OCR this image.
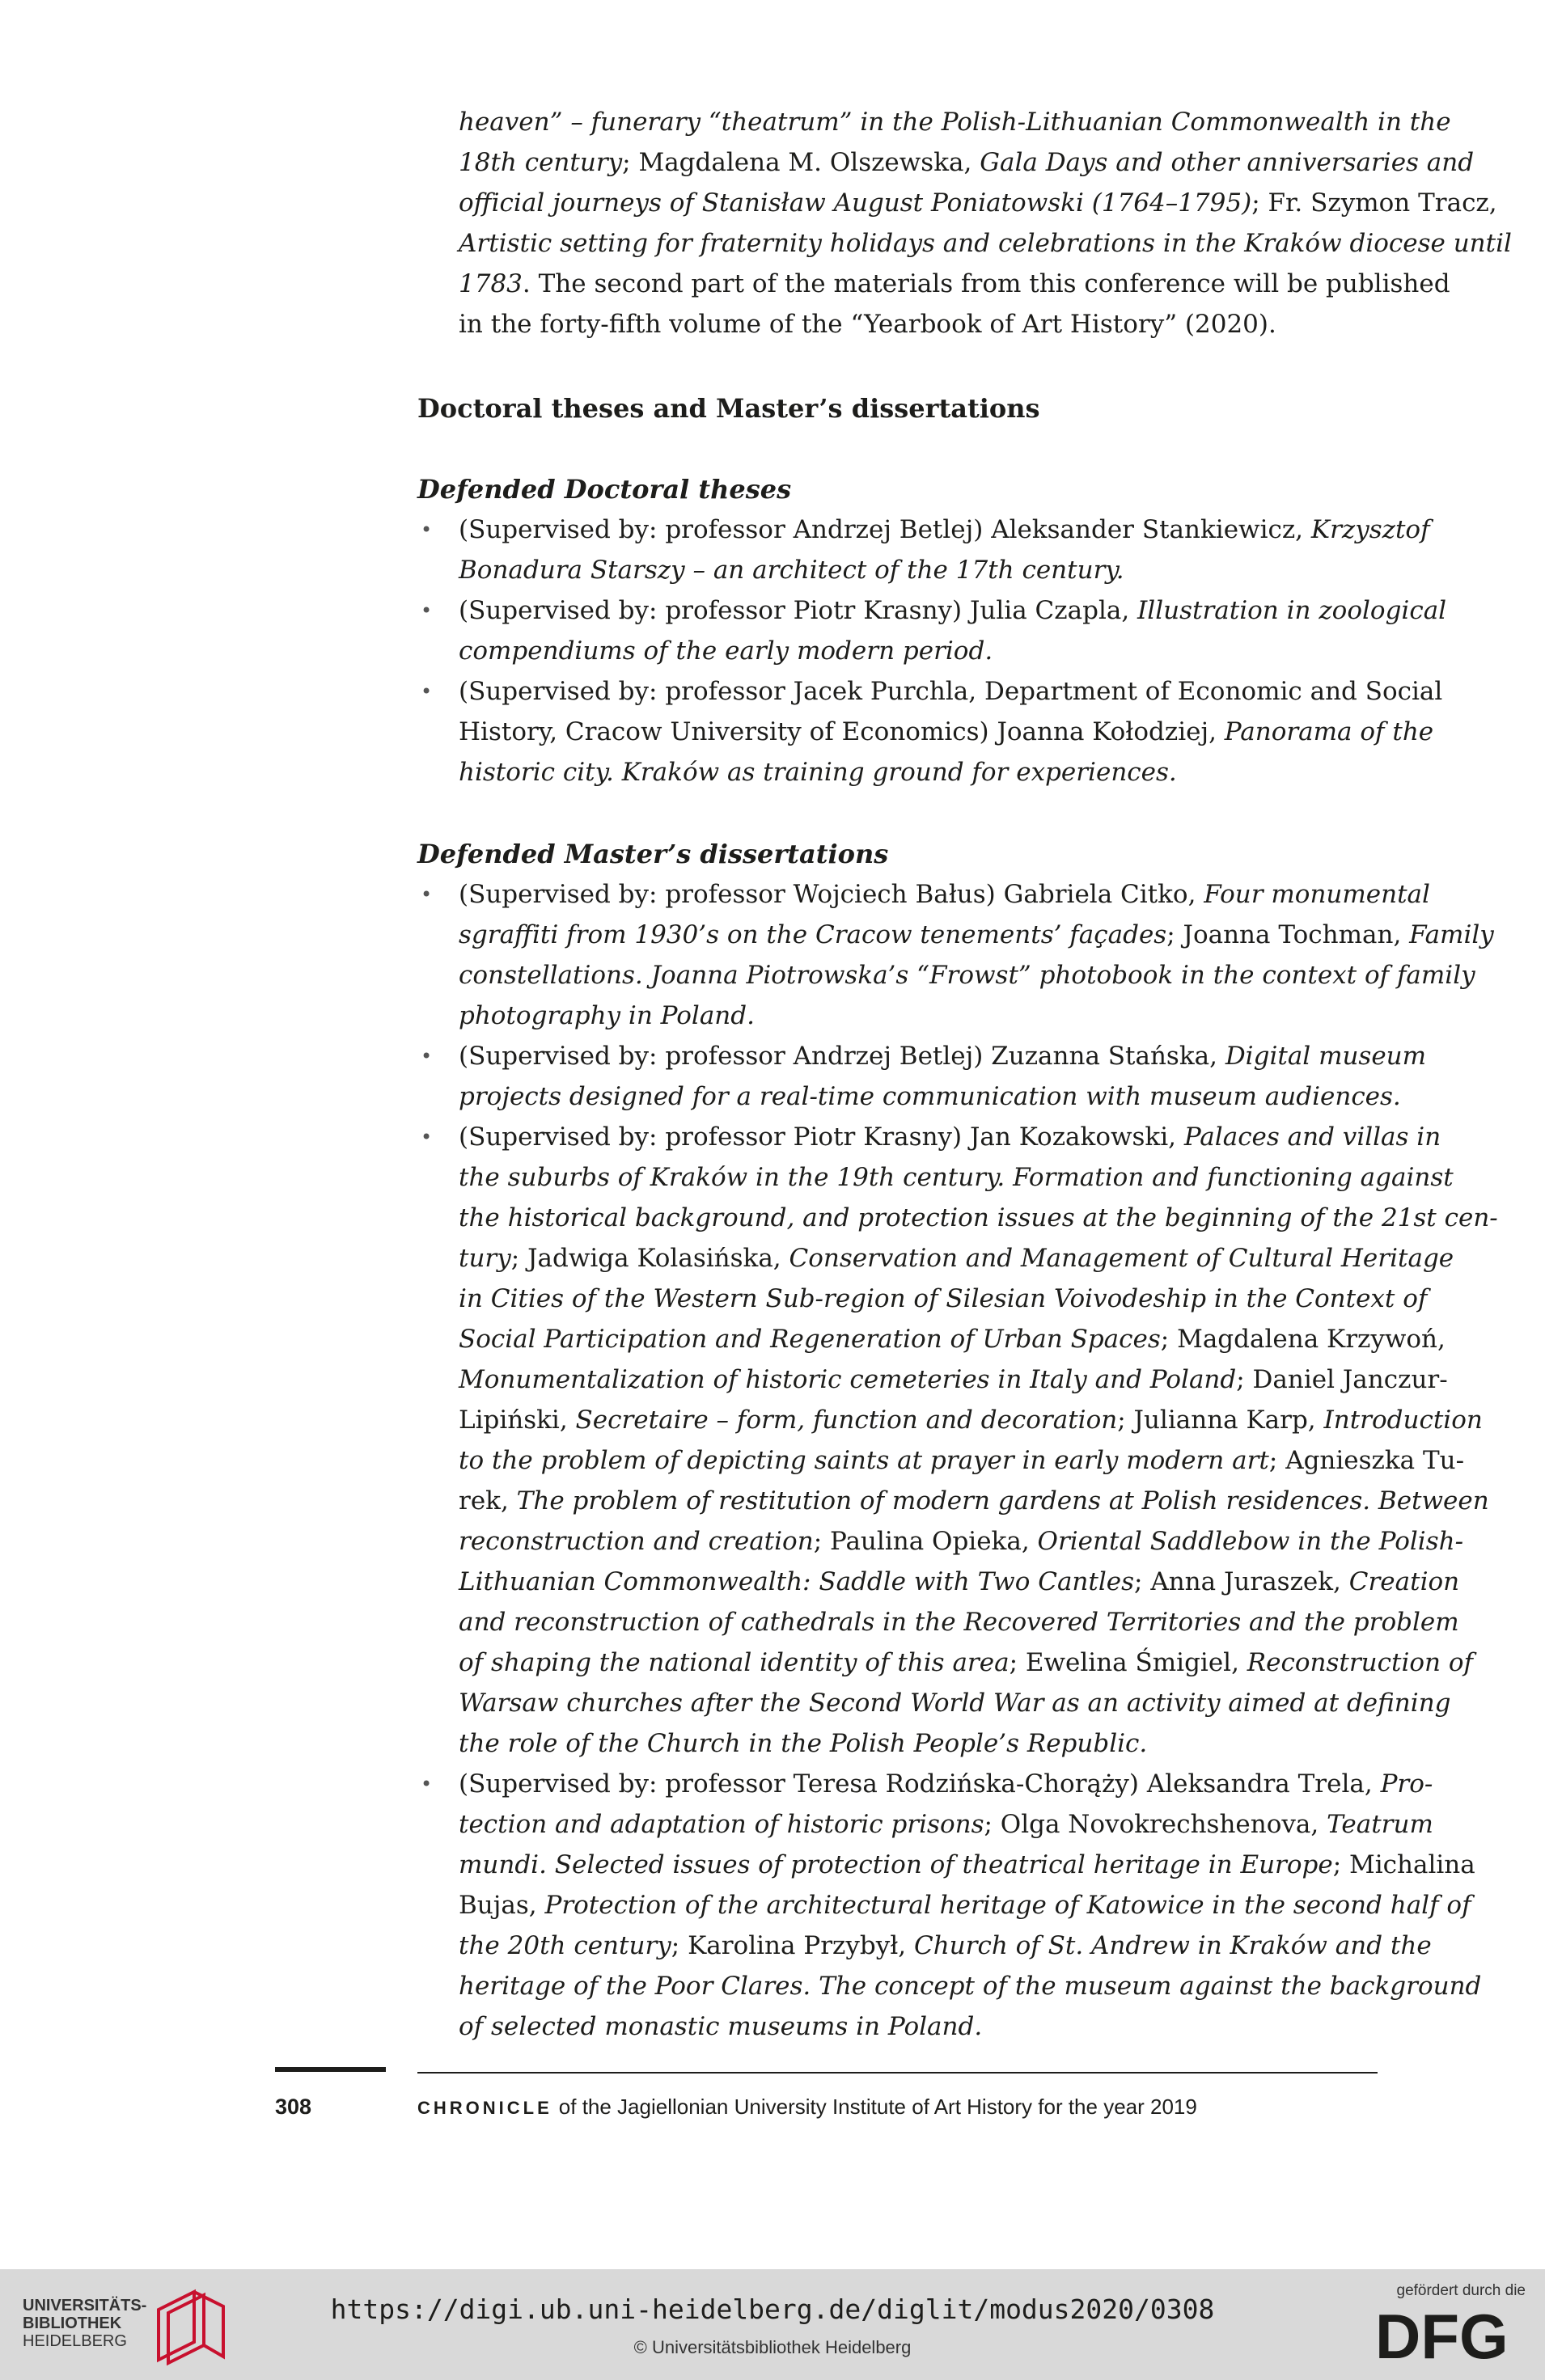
heaven” – funerary “theatrum” in the Polish-Lithuanian Commonwealth in the
18th century; Magdalena M. Olszewska, Gala Days and other anniversaries and
official journeys of Stanisław August Poniatowski (1764–1795); Fr. Szymon Tracz,
Artistic setting for fraternity holidays and celebrations in the Kraków diocese until
1783. The second part of the materials from this conference will be published
in the forty-fifth volume of the “Yearbook of Art History” (2020).
Doctoral theses and Master’s dissertations
Defended Doctoral theses
• (Supervised by: professor Andrzej Betlej) Aleksander Stankiewicz, Krzysztof
Bonadura Starszy – an architect of the 17th century.
• (Supervised by: professor Piotr Krasny) Julia Czapla, Illustration in zoological
compendiums of the early modern period.
• (Supervised by: professor Jacek Purchla, Department of Economic and Social
History, Cracow University of Economics) Joanna Kołodziej, Panorama of the
historic city. Kraków as training ground for experiences.
Defended Master’s dissertations
• (Supervised by: professor Wojciech Bałus) Gabriela Citko, Four monumental
sgraffiti from 1930’s on the Cracow tenements’ façades; Joanna Tochman, Family
constellations. Joanna Piotrowska’s “Frowst” photobook in the context of family
photography in Poland.
• (Supervised by: professor Andrzej Betlej) Zuzanna Stańska, Digital museum
projects designed for a real-time communication with museum audiences.
• (Supervised by: professor Piotr Krasny) Jan Kozakowski, Palaces and villas in
the suburbs of Kraków in the 19th century. Formation and functioning against
the historical background, and protection issues at the beginning of the 21st cen-
tury; Jadwiga Kolasińska, Conservation and Management of Cultural Heritage
in Cities of the Western Sub-region of Silesian Voivodeship in the Context of
Social Participation and Regeneration of Urban Spaces; Magdalena Krzywoń,
Monumentalization of historic cemeteries in Italy and Poland; Daniel Janczur-
Lipiński, Secretaire – form, function and decoration; Julianna Karp, Introduction
to the problem of depicting saints at prayer in early modern art; Agnieszka Tu-
rek, The problem of restitution of modern gardens at Polish residences. Between
reconstruction and creation; Paulina Opieka, Oriental Saddlebow in the Polish-
Lithuanian Commonwealth: Saddle with Two Cantles; Anna Juraszek, Creation
and reconstruction of cathedrals in the Recovered Territories and the problem
of shaping the national identity of this area; Ewelina Śmigiel, Reconstruction of
Warsaw churches after the Second World War as an activity aimed at defining
the role of the Church in the Polish People’s Republic.
• (Supervised by: professor Teresa Rodzińska-Chorąży) Aleksandra Trela, Pro-
tection and adaptation of historic prisons; Olga Novokrechshenova, Teatrum
mundi. Selected issues of protection of theatrical heritage in Europe; Michalina
Bujas, Protection of the architectural heritage of Katowice in the second half of
the 20th century; Karolina Przybył, Church of St. Andrew in Kraków and the
heritage of the Poor Clares. The concept of the museum against the background
of selected monastic museums in Poland.
308	CHRONICLE of the Jagiellonian University Institute of Art History for the year 2019
UNIVERSITÄTS-
BIBLIOTHEK
HEIDELBERG
https://digi.ub.uni-heidelberg.de/diglit/modus2020/0308
© Universitätsbibliothek Heidelberg
gefördert durch die
DFG
